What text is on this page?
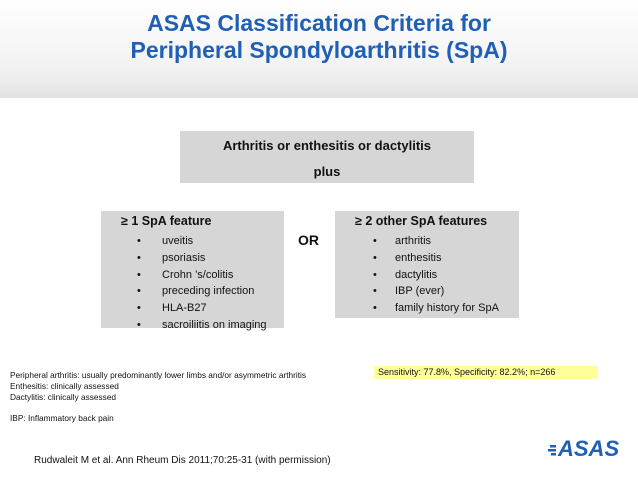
ASAS Classification Criteria for
Peripheral Spondyloarthritis (SpA)
Arthritis or enthesitis or dactylitis
plus
≥ 1 SpA feature
• uveitis
• psoriasis
• Crohn ’s/colitis
• preceding infection
• HLA-B27
• sacroiliitis on imaging
OR
≥ 2 other SpA features
• arthritis
• enthesitis
• dactylitis
• IBP (ever)
• family history for SpA
Peripheral arthritis: usually predominantly lower limbs and/or asymmetric arthritis
Enthesitis: clinically assessed
Dactylitis: clinically assessed
IBP: Inflammatory back pain
Sensitivity: 77.8%, Specificity: 82.2%; n=266
Rudwaleit M et al. Ann Rheum Dis 2011;70:25-31 (with permission)	ASAS
